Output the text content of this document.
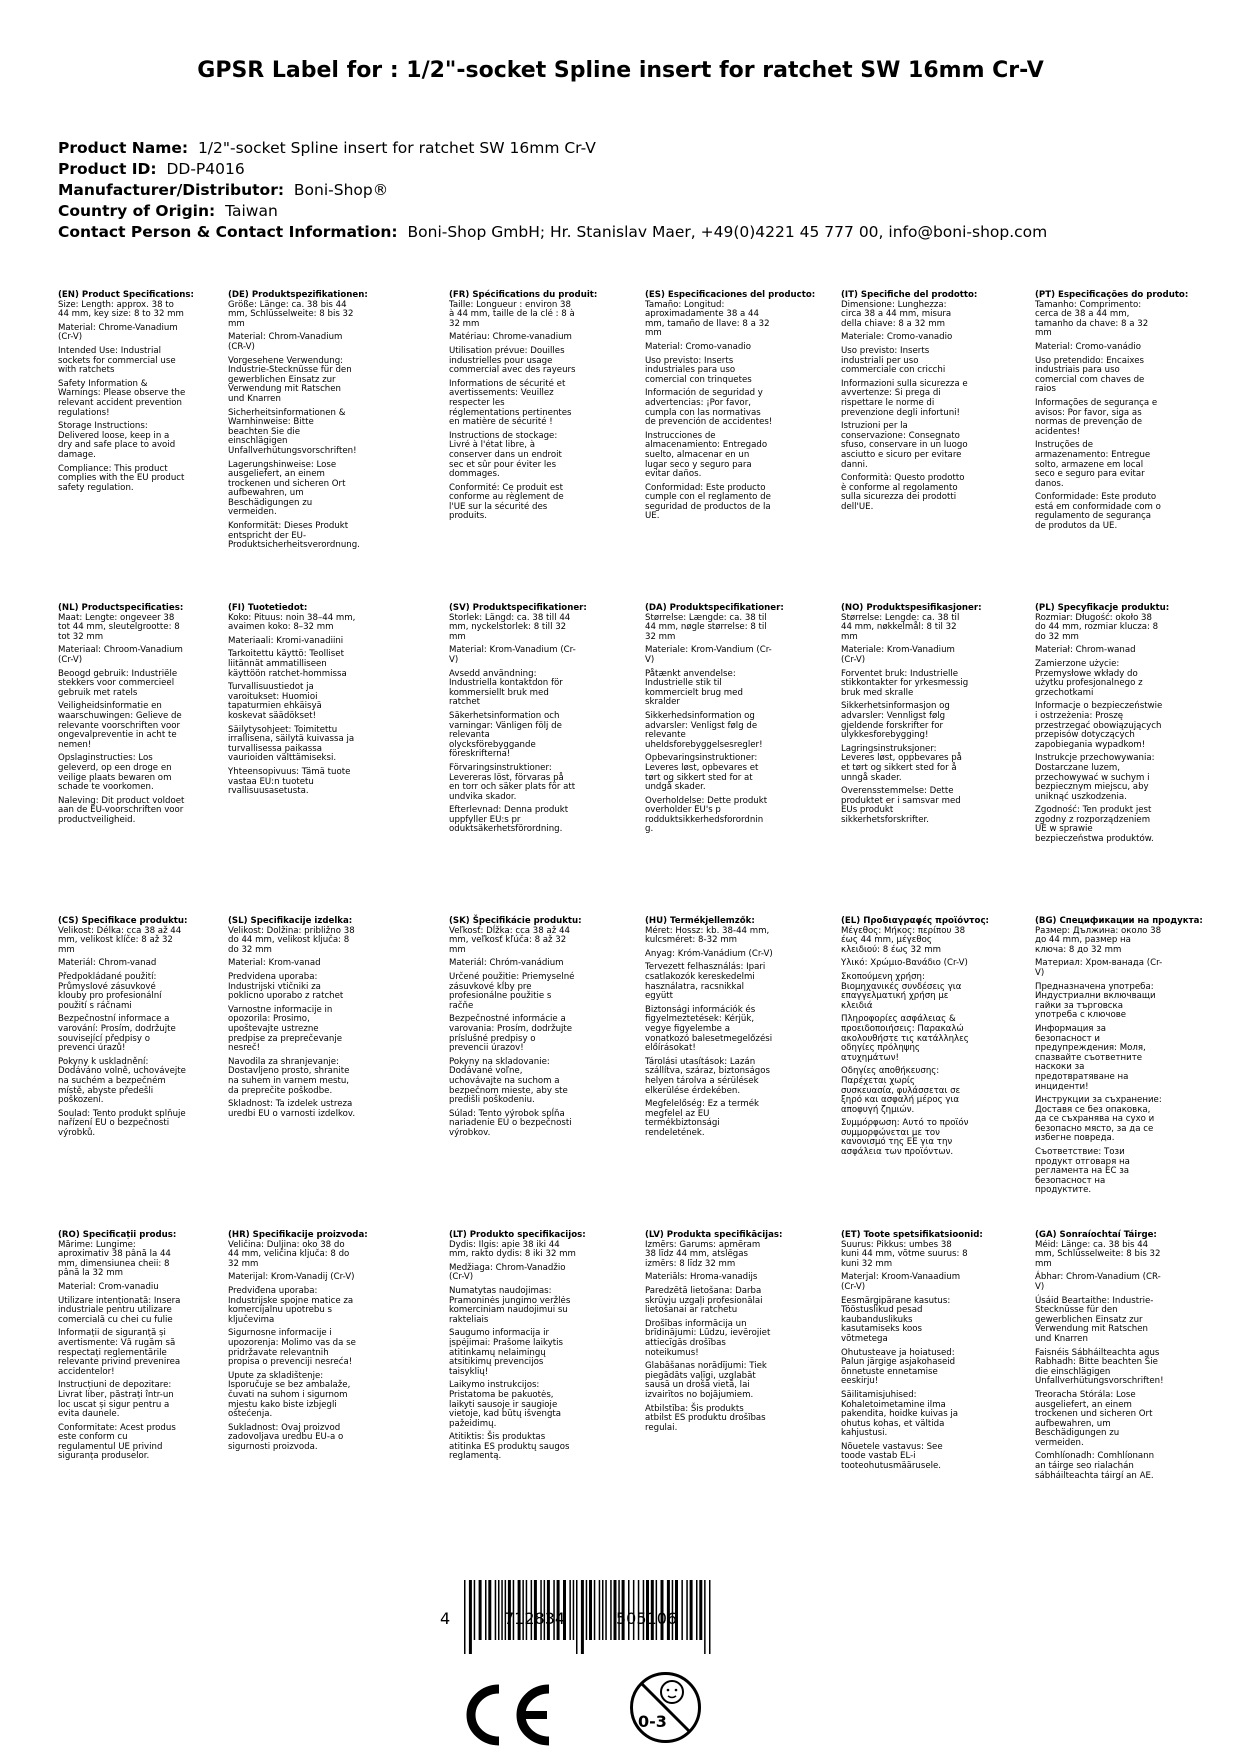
GPSR Label for : 1/2"-socket Spline insert for ratchet SW 16mm Cr-V
Product Name: 1/2"-socket Spline insert for ratchet SW 16mm Cr-V
Product ID: DD-P4016
Manufacturer/Distributor: Boni-Shop®
Country of Origin: Taiwan
Contact Person & Contact Information: Boni-Shop GmbH; Hr. Stanislav Maer, +49(0)4221 45 777 00, info@boni-shop.com
(EN) Product Specifications:

Size: Length: approx. 38 to 44 mm, key size: 8 to 32 mm

Material: Chrome-Vanadium (Cr-V)

Intended Use: Industrial sockets for commercial use with ratchets

Safety Information & Warnings: Please observe the relevant accident prevention regulations!

Storage Instructions: Delivered loose, keep in a dry and safe place to avoid damage.

Compliance: This product complies with the EU product safety regulation.

(DE) Produktspezifikationen:

Größe: Länge: ca. 38 bis 44 mm, Schlüsselweite: 8 bis 32 mm

Material: Chrom-Vanadium (CR-V)

Vorgesehene Verwendung: Industrie-Stecknüsse für den gewerblichen Einsatz zur Verwendung mit Ratschen und Knarren

Sicherheitsinformationen & Warnhinweise: Bitte beachten Sie die einschlägigen Unfallverhütungsvorschriften!

Lagerungshinweise: Lose ausgeliefert, an einem trockenen und sicheren Ort aufbewahren, um Beschädigungen zu vermeiden.

Konformität: Dieses Produkt entspricht der EU-Produktsicherheitsverordnung.

(FR) Spécifications du produit:

Taille: Longueur : environ 38 à 44 mm, taille de la clé : 8 à 32 mm

Matériau: Chrome-vanadium

Utilisation prévue: Douilles industrielles pour usage commercial avec des rayeurs

Informations de sécurité et avertissements: Veuillez respecter les réglementations pertinentes en matière de sécurité !

Instructions de stockage: Livré à l'état libre, à conserver dans un endroit sec et sûr pour éviter les dommages.

Conformité: Ce produit est conforme au règlement de l'UE sur la sécurité des produits.

(ES) Especificaciones del producto:

Tamaño: Longitud: aproximadamente 38 a 44 mm, tamaño de llave: 8 a 32 mm

Material: Cromo-vanadio

Uso previsto: Inserts industriales para uso comercial con trinquetes

Información de seguridad y advertencias: ¡Por favor, cumpla con las normativas de prevención de accidentes!

Instrucciones de almacenamiento: Entregado suelto, almacenar en un lugar seco y seguro para evitar daños.

Conformidad: Este producto cumple con el reglamento de seguridad de productos de la UE.

(IT) Specifiche del prodotto:

Dimensione: Lunghezza: circa 38 a 44 mm, misura della chiave: 8 a 32 mm

Materiale: Cromo-vanadio

Uso previsto: Inserts industriali per uso commerciale con cricchi

Informazioni sulla sicurezza e avvertenze: Si prega di rispettare le norme di prevenzione degli infortuni!

Istruzioni per la conservazione: Consegnato sfuso, conservare in un luogo asciutto e sicuro per evitare danni.

Conformità: Questo prodotto è conforme al regolamento sulla sicurezza dei prodotti dell'UE.

(PT) Especificações do produto:

Tamanho: Comprimento: cerca de 38 a 44 mm, tamanho da chave: 8 a 32 mm

Material: Cromo-vanádio

Uso pretendido: Encaixes industriais para uso comercial com chaves de raios

Informações de segurança e avisos: Por favor, siga as normas de prevenção de acidentes!

Instruções de armazenamento: Entregue solto, armazene em local seco e seguro para evitar danos.

Conformidade: Este produto está em conformidade com o regulamento de segurança de produtos da UE.

(NL) Productspecificaties:

Maat: Lengte: ongeveer 38 tot 44 mm, sleutelgrootte: 8 tot 32 mm

Materiaal: Chroom-Vanadium (Cr-V)

Beoogd gebruik: Industriële stekkers voor commercieel gebruik met ratels

Veiligheidsinformatie en waarschuwingen: Gelieve de relevante voorschriften voor ongevalpreventie in acht te nemen!

Opslaginstructies: Los geleverd, op een droge en veilige plaats bewaren om schade te voorkomen.

Naleving: Dit product voldoet aan de EU-voorschriften voor productveiligheid.

(FI) Tuotetiedot:

Koko: Pituus: noin 38–44 mm, avaimen koko: 8–32 mm

Materiaali: Kromi-vanadiini

Tarkoitettu käyttö: Teolliset liitännät ammatilliseen käyttöön ratchet-hommissa

Turvallisuustiedot ja varoitukset: Huomioi tapaturmien ehkäisyä koskevat säädökset!

Säilytysohjeet: Toimitettu irrallisena, säilytä kuivassa ja turvallisessa paikassa vaurioiden välttämiseksi.

Yhteensopivuus: Tämä tuote vastaa EU:n tuotetu rvallisuusasetusta.

(SV) Produktspecifikationer:

Storlek: Längd: ca. 38 till 44 mm, nyckelstorlek: 8 till 32 mm

Material: Krom-Vanadium (Cr-V)

Avsedd användning: Industriella kontaktdon för kommersiellt bruk med ratchet

Säkerhetsinformation och varningar: Vänligen följ de relevanta olycksförebyggande föreskrifterna!

Förvaringsinstruktioner: Levereras löst, förvaras på en torr och säker plats för att undvika skador.

Efterlevnad: Denna produkt uppfyller EU:s pr oduktsäkerhetsförordning.

(DA) Produktspecifikationer:

Størrelse: Længde: ca. 38 til 44 mm, nøgle størrelse: 8 til 32 mm

Materiale: Krom-Vandium (Cr-V)

Påtænkt anvendelse: Industrielle stik til kommercielt brug med skralder

Sikkerhedsinformation og advarsler: Venligst følg de relevante uheldsforebyggelsesregler!

Opbevaringsinstruktioner: Leveres løst, opbevares et tørt og sikkert sted for at undgå skader.

Overholdelse: Dette produkt overholder EU's p rodduktsikkerhedsforordnin g.

(NO) Produktspesifikasjoner:

Størrelse: Lengde: ca. 38 til 44 mm, nøkkelmål: 8 til 32 mm

Materiale: Krom-Vanadium (Cr-V)

Forventet bruk: Industrielle stikkontakter for yrkesmessig bruk med skralle

Sikkerhetsinformasjon og advarsler: Vennligst følg gjeldende forskrifter for ulykkesforebygging!

Lagringsinstruksjoner: Leveres løst, oppbevares på et tørt og sikkert sted for å unngå skader.

Overensstemmelse: Dette produktet er i samsvar med EUs produkt sikkerhetsforskrifter.

(PL) Specyfikacje produktu:

Rozmiar: Długość: około 38 do 44 mm, rozmiar klucza: 8 do 32 mm

Materiał: Chrom-wanad

Zamierzone użycie: Przemysłowe wkłady do użytku profesjonalnego z grzechotkami

Informacje o bezpieczeństwie i ostrzeżenia: Proszę przestrzegać obowiązujących przepisów dotyczących zapobiegania wypadkom!

Instrukcje przechowywania: Dostarczane luzem, przechowywać w suchym i bezpiecznym miejscu, aby uniknąć uszkodzenia.

Zgodność: Ten produkt jest zgodny z rozporządzeniem UE w sprawie bezpieczeństwa produktów.

(CS) Specifikace produktu:

Velikost: Délka: cca 38 až 44 mm, velikost klíče: 8 až 32 mm

Materiál: Chrom-vanad

Předpokládané použití: Průmyslové zásuvkové klouby pro profesionální použití s ráčnami

Bezpečnostní informace a varování: Prosím, dodržujte související předpisy o prevenci úrazů!

Pokyny k uskladnění: Dodáváno volně, uchovávejte na suchém a bezpečném místě, abyste předešli poškození.

Soulad: Tento produkt splňuje nařízení EU o bezpečnosti výrobků.

(SL) Specifikacije izdelka:

Velikost: Dolžina: približno 38 do 44 mm, velikost ključa: 8 do 32 mm

Material: Krom-vanad

Predvidena uporaba: Industrijski vtičniki za poklicno uporabo z ratchet

Varnostne informacije in opozorila: Prosimo, upoštevajte ustrezne predpise za preprečevanje nesreč!

Navodila za shranjevanje: Dostavljeno prosto, shranite na suhem in varnem mestu, da preprečite poškodbe.

Skladnost: Ta izdelek ustreza uredbi EU o varnosti izdelkov.

(SK) Špecifikácie produktu:

Veľkosť: Dĺžka: cca 38 až 44 mm, veľkosť kľúča: 8 až 32 mm

Materiál: Chróm-vanádium

Určené použitie: Priemyselné zásuvkové kĺby pre profesionálne použitie s račňe

Bezpečnostné informácie a varovania: Prosím, dodržujte príslušné predpisy o prevencii úrazov!

Pokyny na skladovanie: Dodávané voľne, uchovávajte na suchom a bezpečnom mieste, aby ste predišli poškodeniu.

Súlad: Tento výrobok spĺňa nariadenie EÚ o bezpečnosti výrobkov.

(HU) Termékjellemzők:

Méret: Hossz: kb. 38-44 mm, kulcsméret: 8-32 mm

Anyag: Króm-Vanádium (Cr-V)

Tervezett felhasználás: Ipari csatlakozók kereskedelmi használatra, racsnikkal együtt

Biztonsági információk és figyelmeztetések: Kérjük, vegye figyelembe a vonatkozó balesetmegelőzési előírásokat!

Tárolási utasítások: Lazán szállítva, száraz, biztonságos helyen tárolva a sérülések elkerülése érdekében.

Megfelelőség: Ez a termék megfelel az EU termékbiztonsági rendeletének.

(EL) Προδιαγραφές προϊόντος:

Μέγεθος: Μήκος: περίπου 38 έως 44 mm, μέγεθος κλειδιού: 8 έως 32 mm

Υλικό: Χρώμιο-Βανάδιο (Cr-V)

Σκοπούμενη χρήση: Βιομηχανικές συνδέσεις για επαγγελματική χρήση με κλειδιά

Πληροφορίες ασφάλειας & προειδοποιήσεις: Παρακαλώ ακολουθήστε τις κατάλληλες οδηγίες πρόληψης ατυχημάτων!

Οδηγίες αποθήκευσης: Παρέχεται χωρίς συσκευασία, φυλάσσεται σε ξηρό και ασφαλή μέρος για αποφυγή ζημιών.

Συμμόρφωση: Αυτό το προϊόν συμμορφώνεται με τον κανονισμό της ΕΕ για την ασφάλεια των προϊόντων.

(BG) Спецификации на продукта:

Размер: Дължина: около 38 до 44 mm, размер на ключа: 8 до 32 mm

Материал: Хром-ванада (Cr-V)

Предназначена употреба: Индустриални включващи гайки за търговска употреба с ключове

Информация за безопасност и предупреждения: Моля, спазвайте съответните наскоки за предотвратяване на инциденти!

Инструкции за съхранение: Доставя се без опаковка, да се съхранява на сухо и безопасно място, за да се избегне повреда.

Съответствие: Този продукт отговаря на регламента на ЕС за безопасност на продуктите.

(RO) Specificații produs:

Mărime: Lungime: aproximativ 38 până la 44 mm, dimensiunea cheii: 8 până la 32 mm

Material: Crom-vanadiu

Utilizare intenționată: Insera industriale pentru utilizare comercială cu chei cu fulie

Informații de siguranță și avertismente: Vă rugăm să respectați reglementările relevante privind prevenirea accidentelor!

Instrucțiuni de depozitare: Livrat liber, păstrați într-un loc uscat și sigur pentru a evita daunele.

Conformitate: Acest produs este conform cu regulamentul UE privind siguranța produselor.

(HR) Specifikacije proizvoda:

Veličina: Duljina: oko 38 do 44 mm, veličina ključa: 8 do 32 mm

Materijal: Krom-Vanadij (Cr-V)

Predviđena uporaba: Industrijske spojne matice za komercijalnu upotrebu s ključevima

Sigurnosne informacije i upozorenja: Molimo vas da se pridržavate relevantnih propisa o prevenciji nesreća!

Upute za skladištenje: Isporučuje se bez ambalaže, čuvati na suhom i sigurnom mjestu kako biste izbjegli oštećenja.

Sukladnost: Ovaj proizvod zadovoljava uredbu EU-a o sigurnosti proizvoda.

(LT) Produkto specifikacijos:

Dydis: Ilgis: apie 38 iki 44 mm, rakto dydis: 8 iki 32 mm

Medžiaga: Chrom-Vanadžio (Cr-V)

Numatytas naudojimas: Pramoninės jungimo veržlės komerciniam naudojimui su rakteliais

Saugumo informacija ir įspėjimai: Prašome laikytis atitinkamų nelaimingų atsitikimų prevencijos taisyklių!

Laikymo instrukcijos: Pristatoma be pakuotės, laikyti sausoje ir saugioje vietoje, kad būtų išvengta pažeidimų.

Atitiktis: Šis produktas atitinka ES produktų saugos reglamentą.

(LV) Produkta specifikācijas:

Izmērs: Garums: apmēram 38 līdz 44 mm, atslēgas izmērs: 8 līdz 32 mm

Materiāls: Hroma-vanadijs

Paredzētā lietošana: Darba skrūvju uzgaļi profesionālai lietošanai ar ratchetu

Drošības informācija un brīdinājumi: Lūdzu, ievērojiet attiecīgās drošības noteikumus!

Glabāšanas norādījumi: Tiek piegādāts vaļīgi, uzglabāt sausā un drošā vietā, lai izvairītos no bojājumiem.

Atbilstība: Šis produkts atbilst ES produktu drošības regulai.

(ET) Toote spetsifikatsioonid:

Suurus: Pikkus: umbes 38 kuni 44 mm, võtme suurus: 8 kuni 32 mm

Materjal: Kroom-Vanaadium (Cr-V)

Eesmärgipärane kasutus: Tööstuslikud pesad kaubanduslikuks kasutamiseks koos võtmetega

Ohutusteave ja hoiatused: Palun järgige asjakohaseid õnnetuste ennetamise eeskirju!

Säilitamisjuhised: Kohaletoimetamine ilma pakendita, hoidke kuivas ja ohutus kohas, et vältida kahjustusi.

Nõuetele vastavus: See toode vastab EL-i tooteohutusmäärusele.

(GA) Sonraíochtaí Táirge:

Méid: Länge: ca. 38 bis 44 mm, Schlüsselweite: 8 bis 32 mm

Ábhar: Chrom-Vanadium (CR-V)

Úsáid Beartaithe: Industrie-Stecknüsse für den gewerblichen Einsatz zur Verwendung mit Ratschen und Knarren

Faisnéis Sábháilteachta agus Rabhadh: Bitte beachten Sie die einschlägigen Unfallverhütungsvorschriften!

Treoracha Stórála: Lose ausgeliefert, an einem trockenen und sicheren Ort aufbewahren, um Beschädigungen zu vermeiden.

Comhlíonadh: Comhlíonann an táirge seo rialachán sábháilteachta táirgí an AE.

4	712834	505106
0-3
